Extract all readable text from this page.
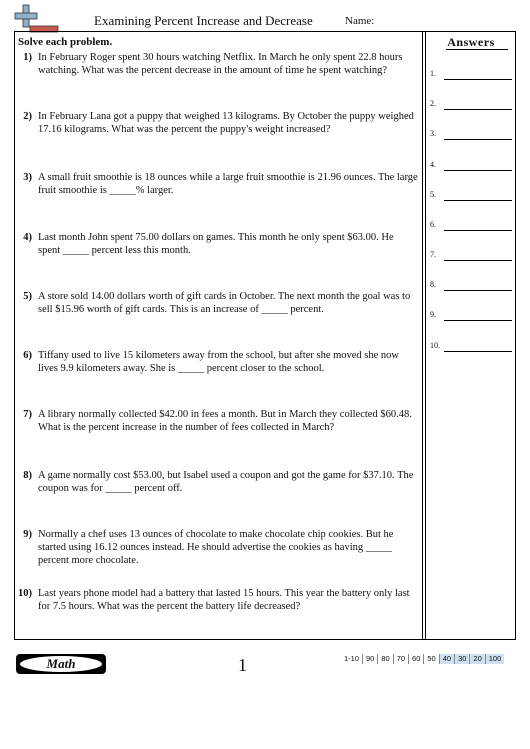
Examining Percent Increase and Decrease	Name:
Solve each problem.
1) In February Roger spent 30 hours watching Netflix. In March he only spent 22.8 hours watching. What was the percent decrease in the amount of time he spent watching?
2) In February Lana got a puppy that weighed 13 kilograms. By October the puppy weighed 17.16 kilograms. What was the percent the puppy's weight increased?
3) A small fruit smoothie is 18 ounces while a large fruit smoothie is 21.96 ounces. The large fruit smoothie is _____% larger.
4) Last month John spent 75.00 dollars on games. This month he only spent $63.00. He spent _____ percent less this month.
5) A store sold 14.00 dollars worth of gift cards in October. The next month the goal was to sell $15.96 worth of gift cards. This is an increase of _____ percent.
6) Tiffany used to live 15 kilometers away from the school, but after she moved she now lives 9.9 kilometers away. She is _____ percent closer to the school.
7) A library normally collected $42.00 in fees a month. But in March they collected $60.48. What is the percent increase in the number of fees collected in March?
8) A game normally cost $53.00, but Isabel used a coupon and got the game for $37.10. The coupon was for _____ percent off.
9) Normally a chef uses 13 ounces of chocolate to make chocolate chip cookies. But he started using 16.12 ounces instead. He should advertise the cookies as having _____ percent more chocolate.
10) Last years phone model had a battery that lasted 15 hours. This year the battery only last for 7.5 hours. What was the percent the battery life decreased?
Answers
1.
2.
3.
4.
5.
6.
7.
8.
9.
10.
Math	1	1-10 90 80 70 60 50 40 30 20 100
